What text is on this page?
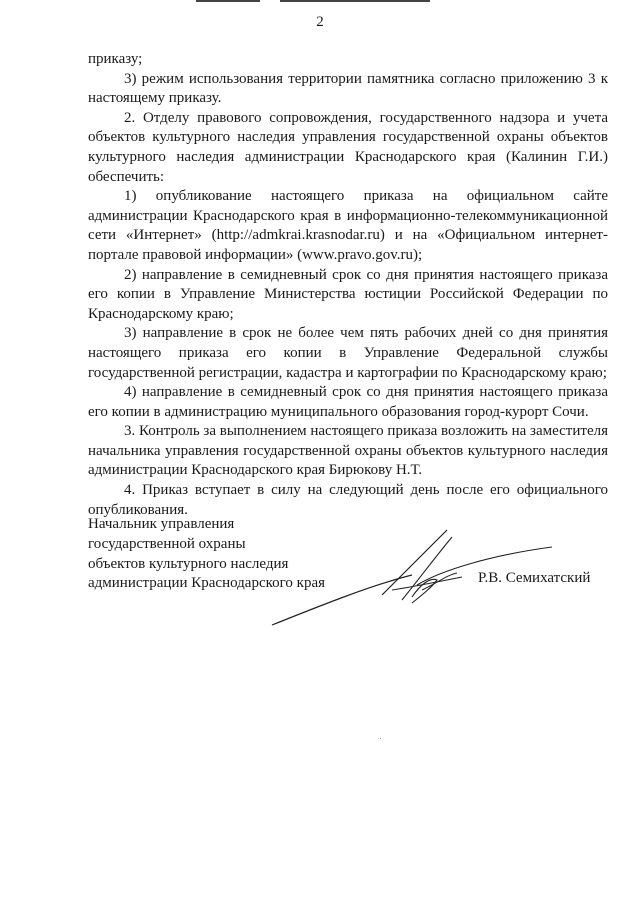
2

приказу;

3) режим использования территории памятника согласно приложению 3 к настоящему приказу.

2. Отделу правового сопровождения, государственного надзора и учета объектов культурного наследия управления государственной охраны объектов культурного наследия администрации Краснодарского края (Калинин Г.И.) обеспечить:

1) опубликование настоящего приказа на официальном сайте администрации Краснодарского края в информационно-телекоммуникационной сети «Интернет» (http://admkrai.krasnodar.ru) и на «Официальном интернет-портале правовой информации» (www.pravo.gov.ru);

2) направление в семидневный срок со дня принятия настоящего приказа его копии в Управление Министерства юстиции Российской Федерации по Краснодарскому краю;

3) направление в срок не более чем пять рабочих дней со дня принятия настоящего приказа его копии в Управление Федеральной службы государственной регистрации, кадастра и картографии по Краснодарскому краю;

4) направление в семидневный срок со дня принятия настоящего приказа его копии в администрацию муниципального образования город-курорт Сочи.

3. Контроль за выполнением настоящего приказа возложить на заместителя начальника управления государственной охраны объектов культурного наследия администрации Краснодарского края Бирюкову Н.Т.

4. Приказ вступает в силу на следующий день после его официального опубликования.

Начальник управления
государственной охраны
объектов культурного наследия
администрации Краснодарского края	Р.В. Семихатский
